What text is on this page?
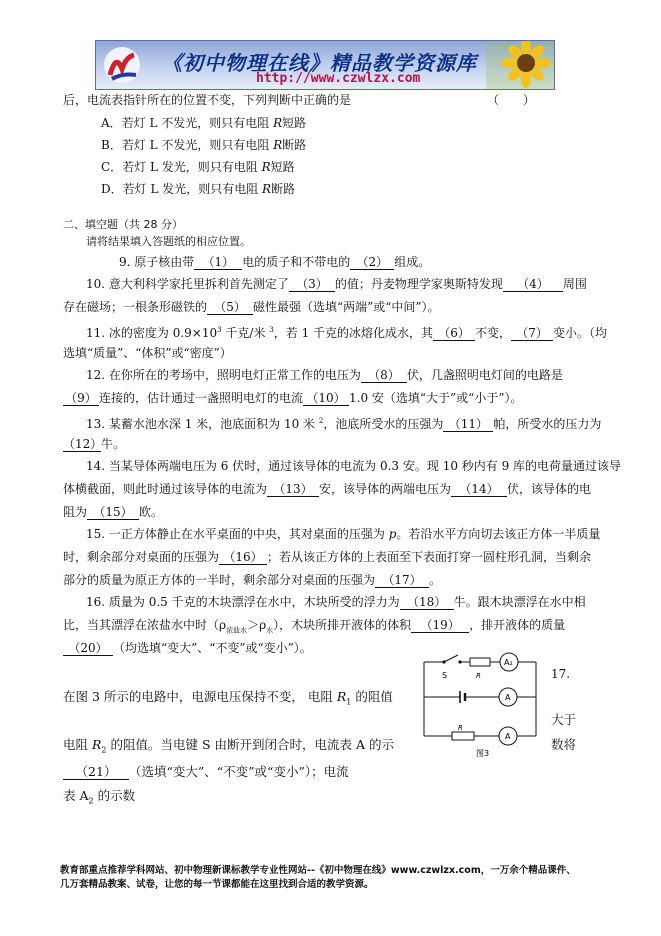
《初中物理在线》精品教学资源库
http://www.czwlzx.com
后，电流表指针所在的位置不变，下列判断中正确的是	（　　）
A．若灯 L 不发光，则只有电阻 R短路
B．若灯 L 不发光，则只有电阻 R断路
C．若灯 L 发光，则只有电阻 R短路
D．若灯 L 发光，则只有电阻 R断路
二、填空题（共 28 分）
请将结果填入答题纸的相应位置。
9. 原子核由带 （1） 电的质子和不带电的 （2） 组成。
10. 意大利科学家托里拆利首先测定了 （3） 的值；丹麦物理学家奥斯特发现 （4） 周围
存在磁场；一根条形磁铁的 （5） 磁性最强（选填“两端”或“中间”）。
11. 冰的密度为 $0.9\times 10^3$ 千克/米 $^3$，若 1 千克的冰熔化成水，其 （6） 不变， （7） 变小。（均
选填“质量”、“体积”或“密度”）
12. 在你所在的考场中，照明电灯正常工作的电压为 （8） 伏，几盏照明电灯间的电路是
（9） 连接的，估计通过一盏照明电灯的电流 （10） 1.0 安（选填“大于”或“小于”）。
13. 某蓄水池水深 1 米，池底面积为 10 米 $^2$，池底所受水的压强为 （11） 帕，所受水的压力为
（12）牛。
14. 当某导体两端电压为 6 伏时，通过该导体的电流为 0.3 安。现 10 秒内有 9 库的电荷量通过该导
体横截面，则此时通过该导体的电流为 （13） 安，该导体的两端电压为 （14） 伏，该导体的电
阻为 （15） 欧。
15. 一正方体静止在水平桌面的中央，其对桌面的压强为 p。若沿水平方向切去该正方体一半质量
时，剩余部分对桌面的压强为 （16） ；若从该正方体的上表面至下表面打穿一圆柱形孔洞，当剩余
部分的质量为原正方体的一半时，剩余部分对桌面的压强为 （17） 。
16. 质量为 0.5 千克的木块漂浮在水中，木块所受的浮力为 （18） 牛。跟木块漂浮在水中相
比，当其漂浮在浓盐水中时$(\rho_{浓盐水}>\rho_水)$，木块所排开液体的体积 （19） ，排开液体的质量
（20） （均选填“变大”、“不变”或“变小”）。
17.
在图 3 所示的电路中，电源电压保持不变， 电阻 $R_1$ 的阻值
大于
电阻 $R_2$ 的阻值。当电键 S 由断开到闭合时，电流表 A 的示	数将
（21） （选填“变大”、“不变”或“变小”）；电流
表 $A_2$ 的示数
S	R
R
A₂
A
A
图3
教育部重点推荐学科网站、初中物理新课标教学专业性网站--《初中物理在线》www.czwlzx.com，一万余个精品课件、
几万套精品教案、试卷，让您的每一节课都能在这里找到合适的教学资源。
